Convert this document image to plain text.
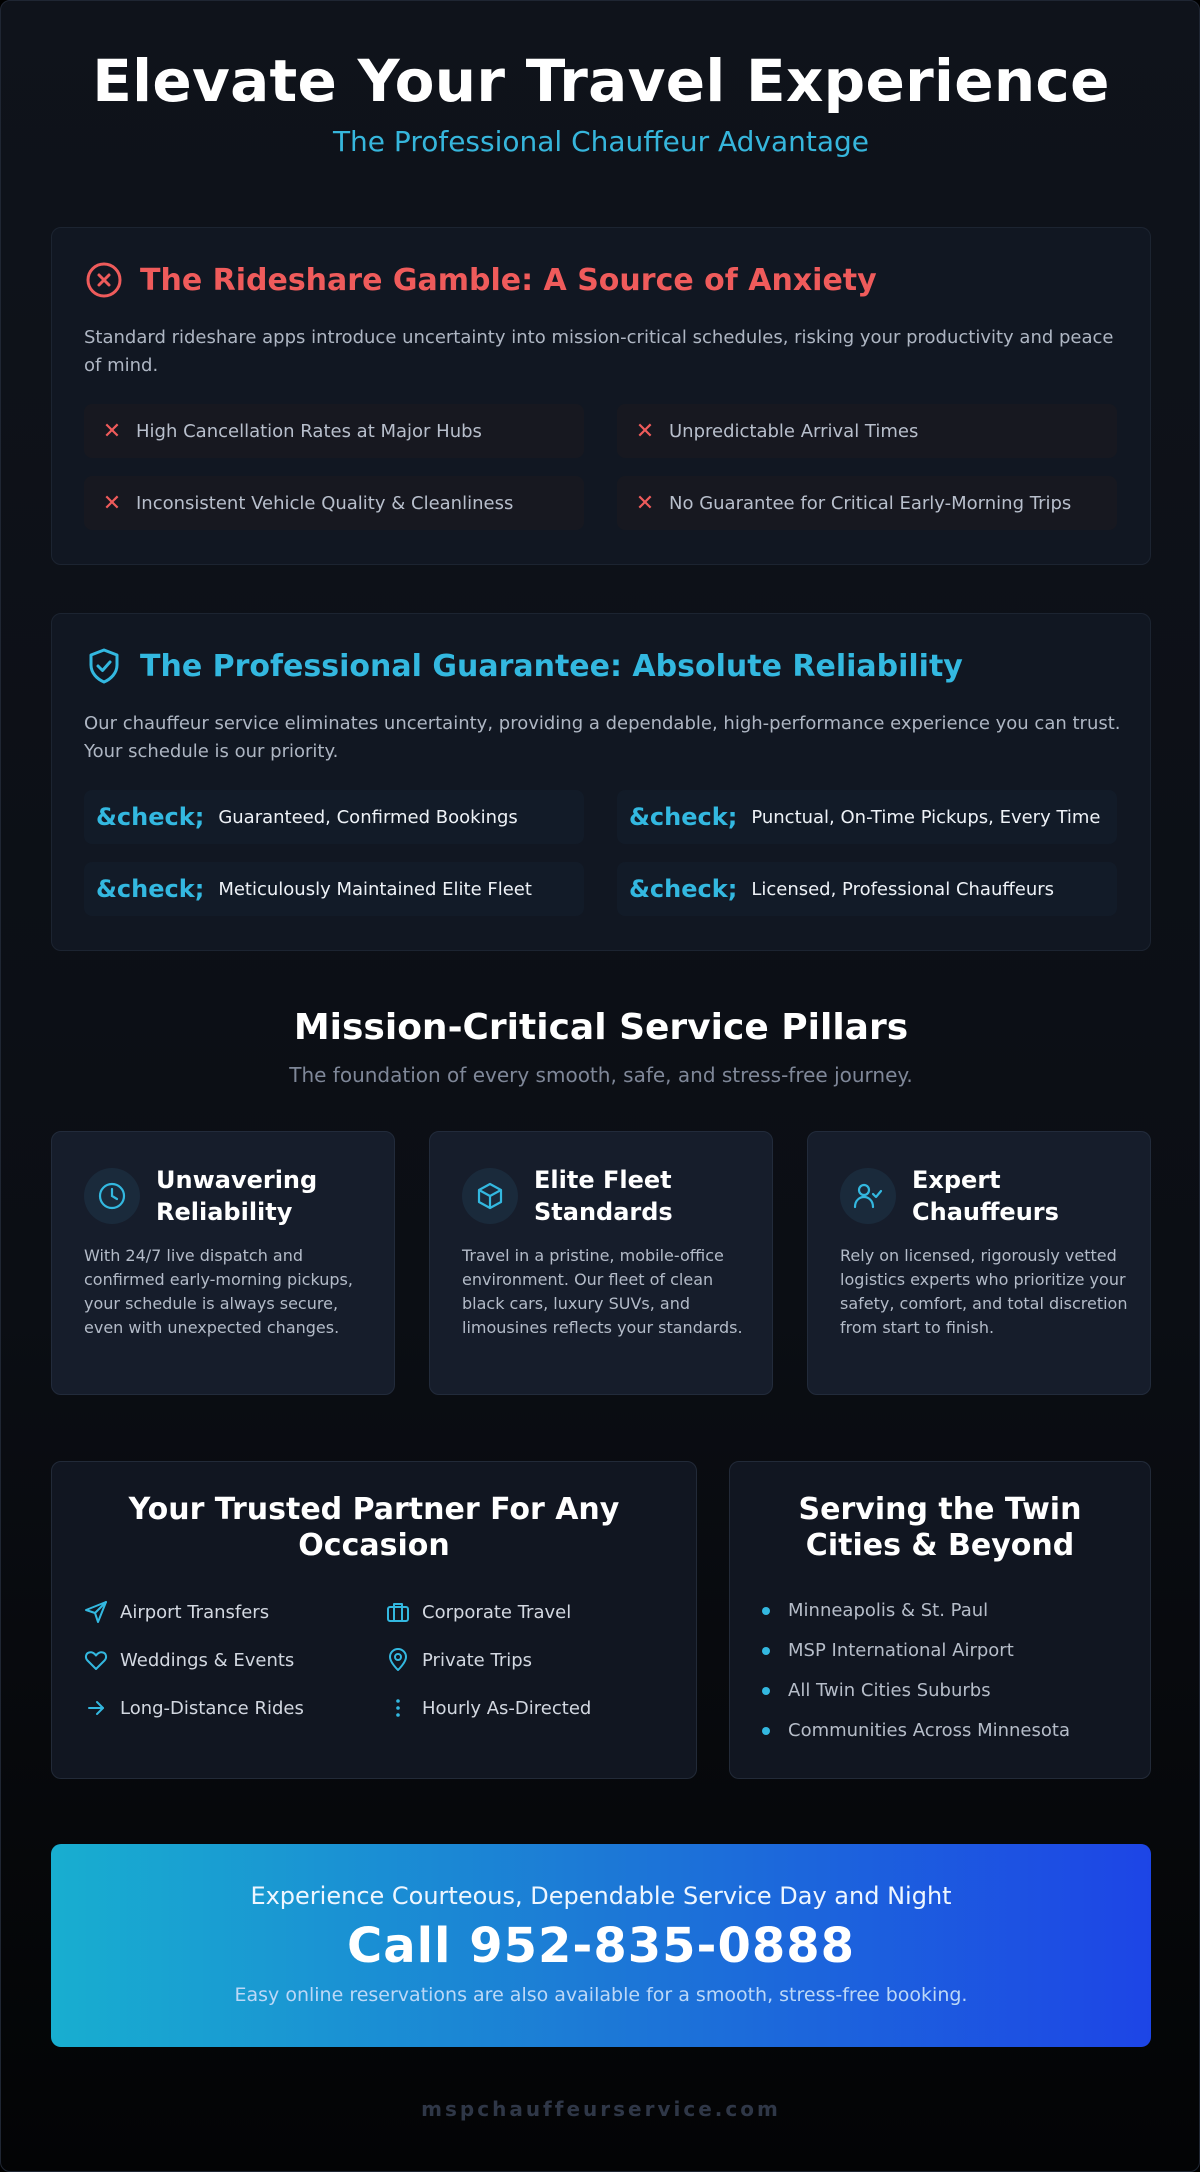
Elevate Your Travel Experience
The Professional Chauffeur Advantage
The Rideshare Gamble: A Source of Anxiety
Standard rideshare apps introduce uncertainty into mission-critical schedules, risking your productivity and peace of mind.
✕ High Cancellation Rates at Major Hubs	✕ Unpredictable Arrival Times
✕ Inconsistent Vehicle Quality & Cleanliness	✕ No Guarantee for Critical Early-Morning Trips
The Professional Guarantee: Absolute Reliability
Our chauffeur service eliminates uncertainty, providing a dependable, high-performance experience you can trust. Your schedule is our priority.
&check; Guaranteed, Confirmed Bookings	&check; Punctual, On-Time Pickups, Every Time
&check; Meticulously Maintained Elite Fleet	&check; Licensed, Professional Chauffeurs
Mission-Critical Service Pillars
The foundation of every smooth, safe, and stress-free journey.
Unwavering Reliability

With 24/7 live dispatch and confirmed early-morning pickups, your schedule is always secure, even with unexpected changes.

Elite Fleet Standards

Travel in a pristine, mobile-office environment. Our fleet of clean black cars, luxury SUVs, and limousines reflects your standards.

Expert Chauffeurs

Rely on licensed, rigorously vetted logistics experts who prioritize your safety, comfort, and total discretion from start to finish.

Your Trusted Partner For Any Occasion
Airport Transfers	Corporate Travel
Weddings & Events	Private Trips
Long-Distance Rides	Hourly As-Directed
Serving the Twin Cities & Beyond
Minneapolis & St. Paul
MSP International Airport
All Twin Cities Suburbs
Communities Across Minnesota
Experience Courteous, Dependable Service Day and Night
Call 952-835-0888
Easy online reservations are also available for a smooth, stress-free booking.
mspchauffeurservice.com
